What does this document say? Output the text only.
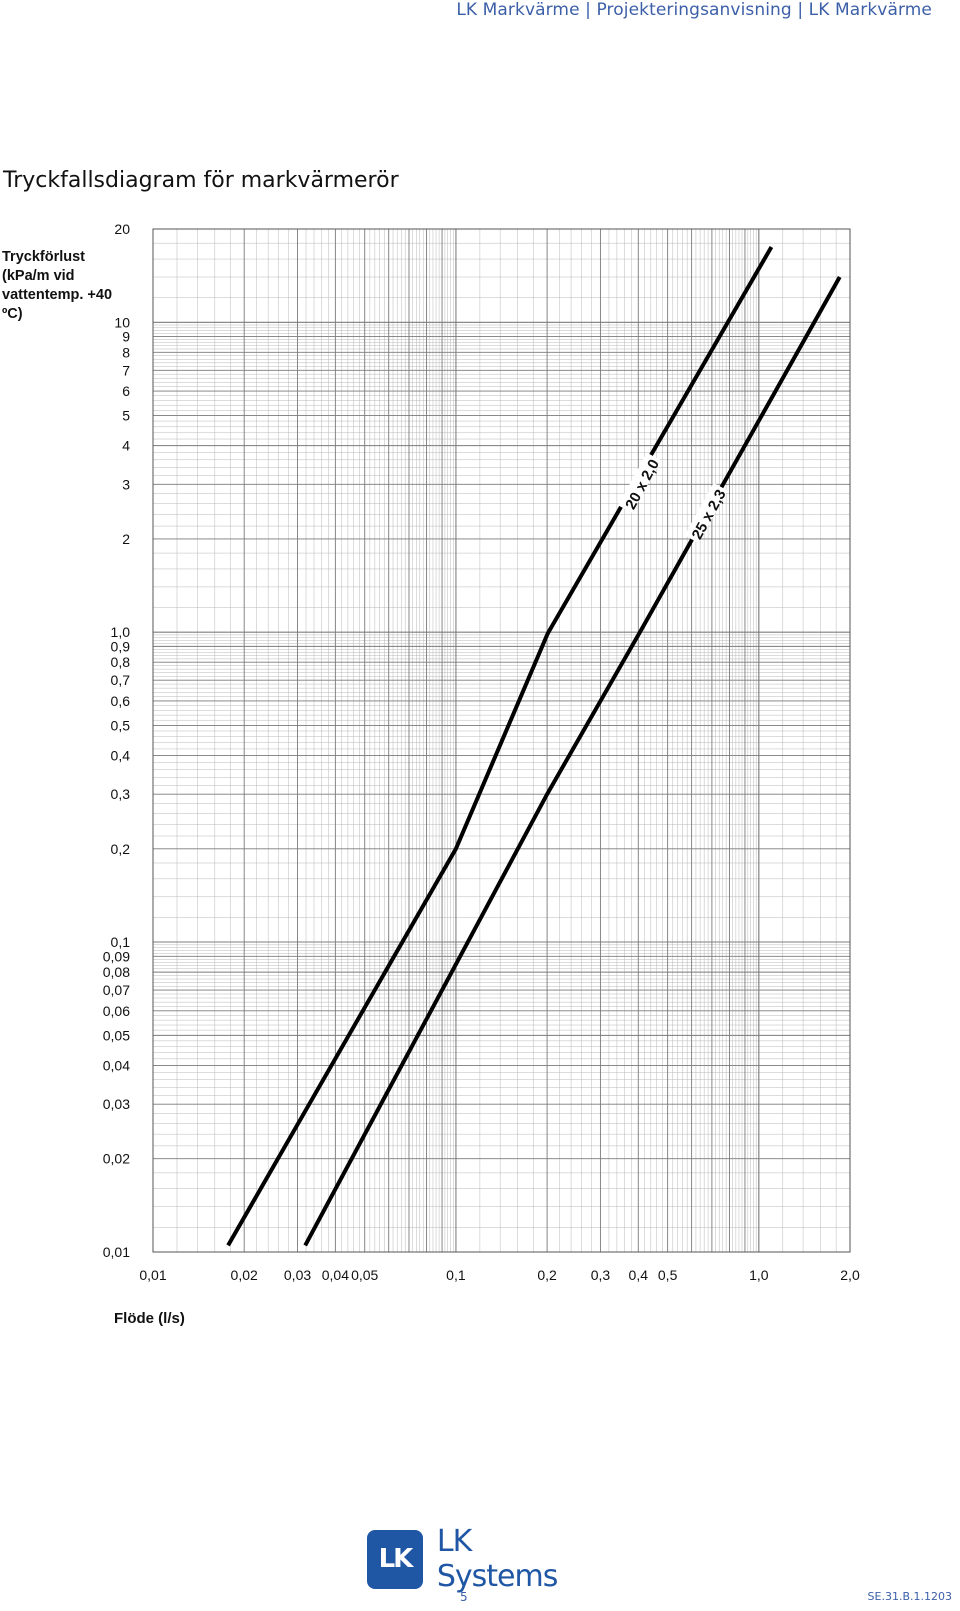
LK Markvärme | Projekteringsanvisning | LK Markvärme
Tryckfallsdiagram för markvärmerör
Tryckförlust (kPa/m vid vattentemp. +40 ºC)
Flöde (l/s)
20
10
9
8
7
6
5
4
3
2
1,0
0,9
0,8
0,7
0,6
0,5
0,4
0,3
0,2
0,1
0,09
0,08
0,07
0,06
0,05
0,04
0,03
0,02
0,01
0,01	0,02 0,03 0,04 0,05	0,1	0,2 0,3 0,4 0,5	1,0	2,0
20 x 2,0
25 x 2,3
LK LK Systems
5	SE.31.B.1.1203
